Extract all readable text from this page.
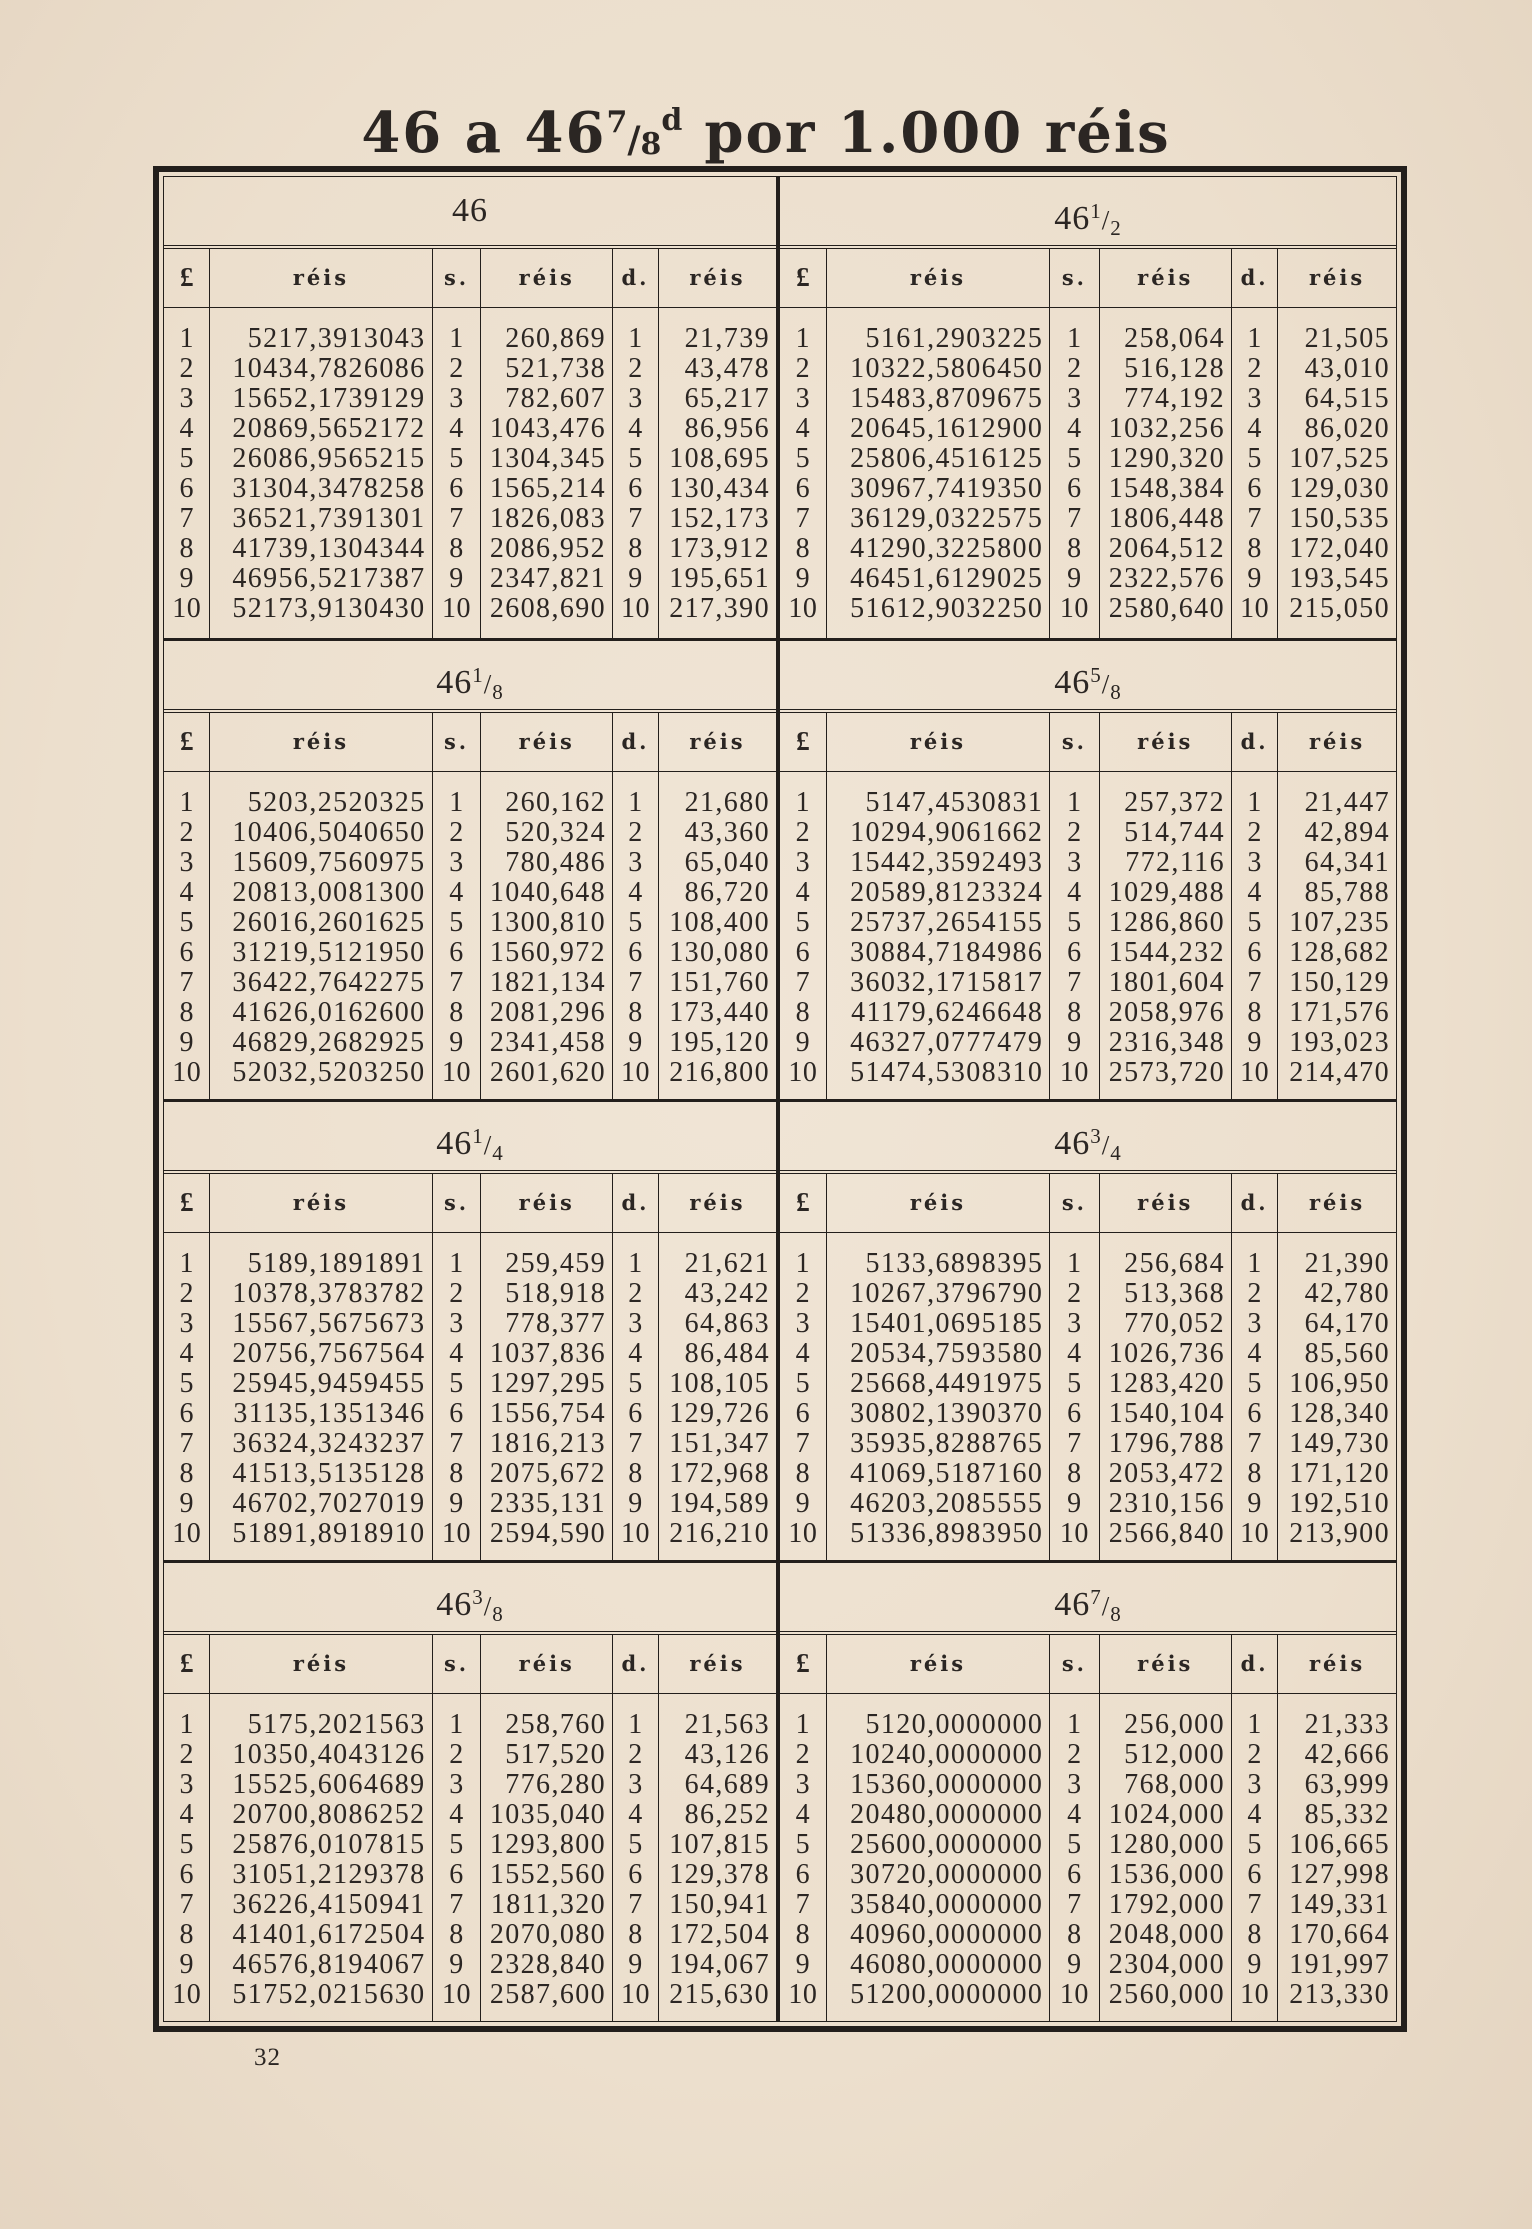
46 a $46^7/8^d$ por 1.000 réis
46
£	réis	s.	réis	d.	réis

1	5217,3913043	1	260,869	1	21,739
2	10434,7826086	2	521,738	2	43,478
3	15652,1739129	3	782,607	3	65,217
4	20869,5652172	4	1043,476	4	86,956
5	26086,9565215	5	1304,345	5	108,695
6	31304,3478258	6	1565,214	6	130,434
7	36521,7391301	7	1826,083	7	152,173
8	41739,1304344	8	2086,952	8	173,912
9	46956,5217387	9	2347,821	9	195,651
10	52173,9130430	10	2608,690	10	217,390

$46^1/2$
£	réis	s.	réis	d.	réis

1	5161,2903225	1	258,064	1	21,505
2	10322,5806450	2	516,128	2	43,010
3	15483,8709675	3	774,192	3	64,515
4	20645,1612900	4	1032,256	4	86,020
5	25806,4516125	5	1290,320	5	107,525
6	30967,7419350	6	1548,384	6	129,030
7	36129,0322575	7	1806,448	7	150,535
8	41290,3225800	8	2064,512	8	172,040
9	46451,6129025	9	2322,576	9	193,545
10	51612,9032250	10	2580,640	10	215,050

$46^1/8$
£	réis	s.	réis	d.	réis

1	5203,2520325	1	260,162	1	21,680
2	10406,5040650	2	520,324	2	43,360
3	15609,7560975	3	780,486	3	65,040
4	20813,0081300	4	1040,648	4	86,720
5	26016,2601625	5	1300,810	5	108,400
6	31219,5121950	6	1560,972	6	130,080
7	36422,7642275	7	1821,134	7	151,760
8	41626,0162600	8	2081,296	8	173,440
9	46829,2682925	9	2341,458	9	195,120
10	52032,5203250	10	2601,620	10	216,800

$46^5/8$
£	réis	s.	réis	d.	réis

1	5147,4530831	1	257,372	1	21,447
2	10294,9061662	2	514,744	2	42,894
3	15442,3592493	3	772,116	3	64,341
4	20589,8123324	4	1029,488	4	85,788
5	25737,2654155	5	1286,860	5	107,235
6	30884,7184986	6	1544,232	6	128,682
7	36032,1715817	7	1801,604	7	150,129
8	41179,6246648	8	2058,976	8	171,576
9	46327,0777479	9	2316,348	9	193,023
10	51474,5308310	10	2573,720	10	214,470

$46^1/4$
£	réis	s.	réis	d.	réis

1	5189,1891891	1	259,459	1	21,621
2	10378,3783782	2	518,918	2	43,242
3	15567,5675673	3	778,377	3	64,863
4	20756,7567564	4	1037,836	4	86,484
5	25945,9459455	5	1297,295	5	108,105
6	31135,1351346	6	1556,754	6	129,726
7	36324,3243237	7	1816,213	7	151,347
8	41513,5135128	8	2075,672	8	172,968
9	46702,7027019	9	2335,131	9	194,589
10	51891,8918910	10	2594,590	10	216,210

$46^3/4$
£	réis	s.	réis	d.	réis

1	5133,6898395	1	256,684	1	21,390
2	10267,3796790	2	513,368	2	42,780
3	15401,0695185	3	770,052	3	64,170
4	20534,7593580	4	1026,736	4	85,560
5	25668,4491975	5	1283,420	5	106,950
6	30802,1390370	6	1540,104	6	128,340
7	35935,8288765	7	1796,788	7	149,730
8	41069,5187160	8	2053,472	8	171,120
9	46203,2085555	9	2310,156	9	192,510
10	51336,8983950	10	2566,840	10	213,900

$46^3/8$
£	réis	s.	réis	d.	réis

1	5175,2021563	1	258,760	1	21,563
2	10350,4043126	2	517,520	2	43,126
3	15525,6064689	3	776,280	3	64,689
4	20700,8086252	4	1035,040	4	86,252
5	25876,0107815	5	1293,800	5	107,815
6	31051,2129378	6	1552,560	6	129,378
7	36226,4150941	7	1811,320	7	150,941
8	41401,6172504	8	2070,080	8	172,504
9	46576,8194067	9	2328,840	9	194,067
10	51752,0215630	10	2587,600	10	215,630

$46^7/8$
£	réis	s.	réis	d.	réis

1	5120,0000000	1	256,000	1	21,333
2	10240,0000000	2	512,000	2	42,666
3	15360,0000000	3	768,000	3	63,999
4	20480,0000000	4	1024,000	4	85,332
5	25600,0000000	5	1280,000	5	106,665
6	30720,0000000	6	1536,000	6	127,998
7	35840,0000000	7	1792,000	7	149,331
8	40960,0000000	8	2048,000	8	170,664
9	46080,0000000	9	2304,000	9	191,997
10	51200,0000000	10	2560,000	10	213,330

32
